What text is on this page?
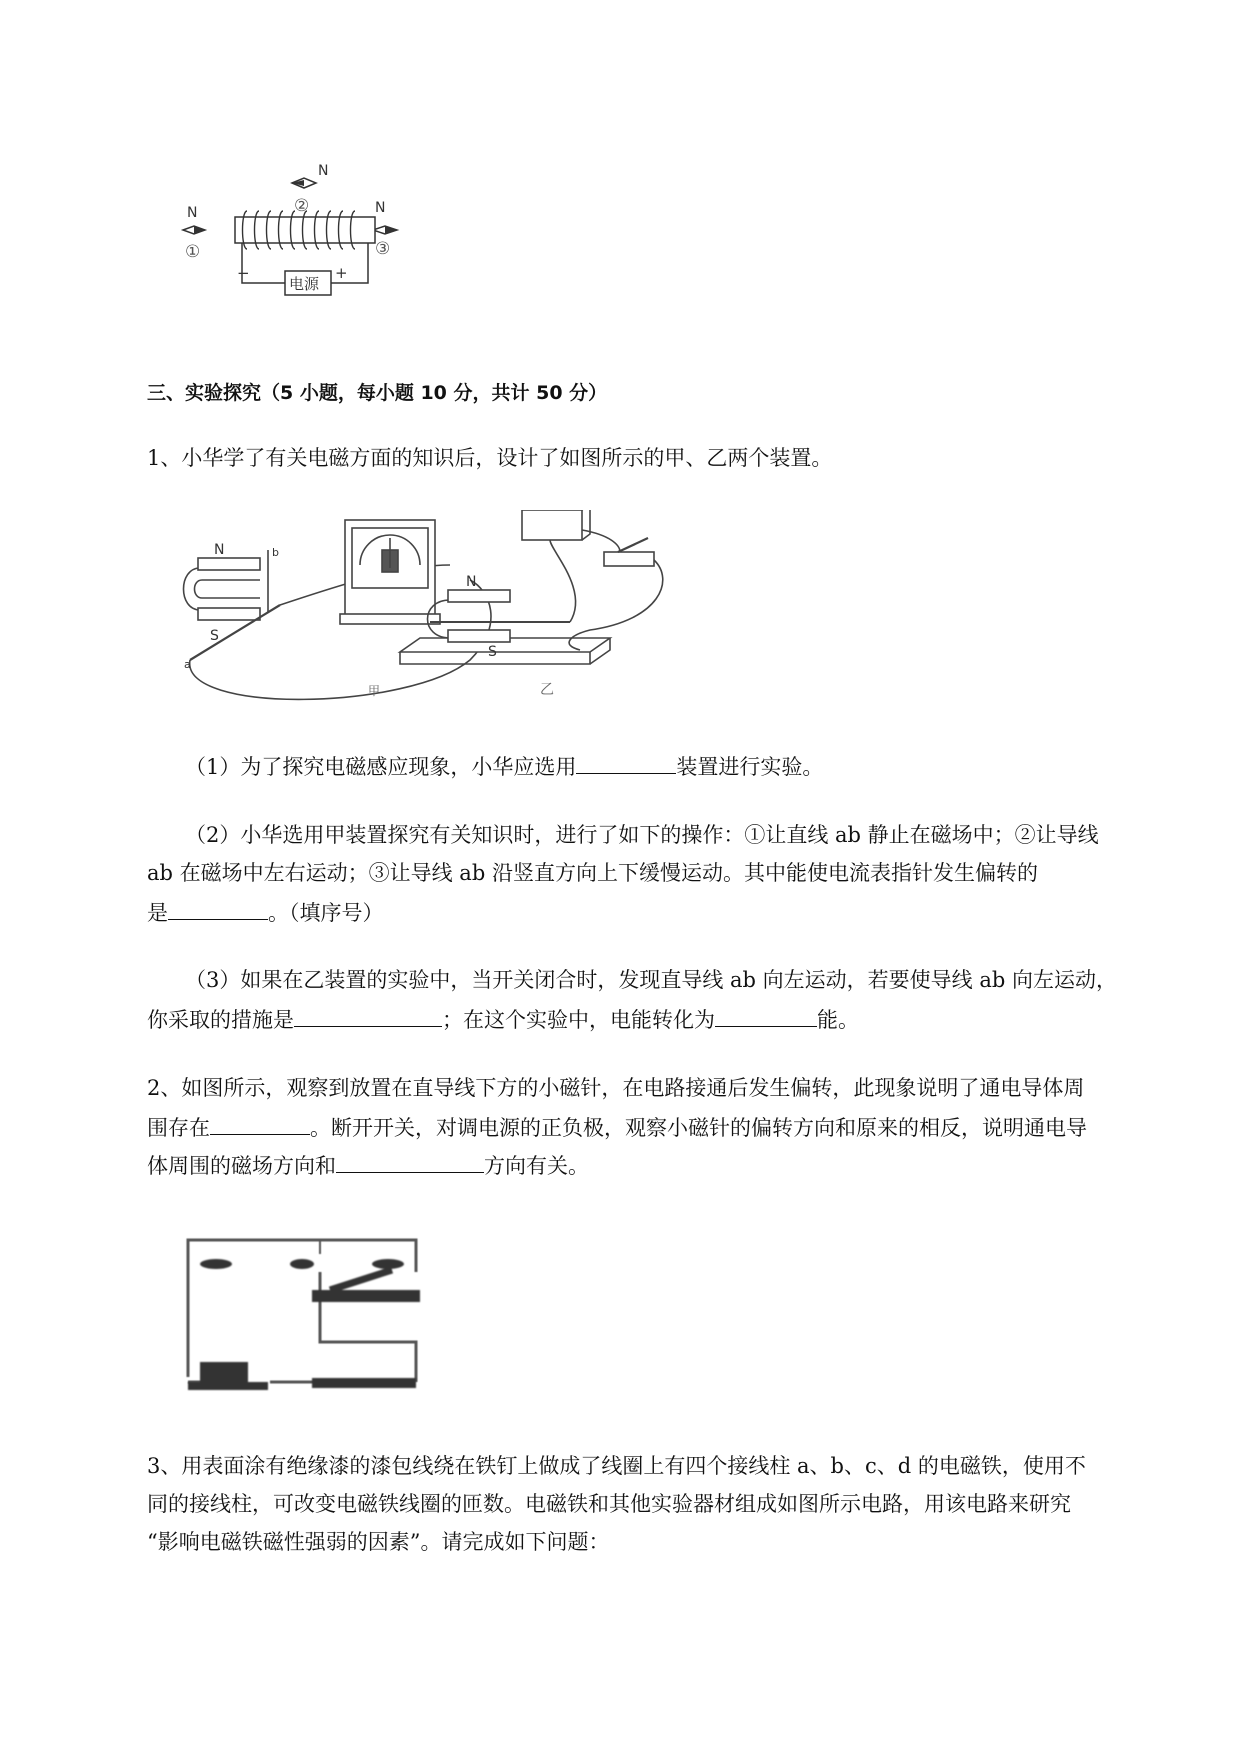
N
②
N
①
N
③
电源
−	+
三、实验探究（5 小题，每小题 10 分，共计 50 分）
1、小华学了有关电磁方面的知识后，设计了如图所示的甲、乙两个装置。
N
S
b
a
N
S
甲	乙
（1）为了探究电磁感应现象，小华应选用	装置进行实验。
（2）小华选用甲装置探究有关知识时，进行了如下的操作：①让直线 ab 静止在磁场中；②让导线
ab 在磁场中左右运动；③让导线 ab 沿竖直方向上下缓慢运动。其中能使电流表指针发生偏转的
是	。（填序号）
（3）如果在乙装置的实验中，当开关闭合时，发现直导线 ab 向左运动，若要使导线 ab 向左运动，
你采取的措施是	；在这个实验中，电能转化为	能。
2、如图所示，观察到放置在直导线下方的小磁针，在电路接通后发生偏转，此现象说明了通电导体周
围存在	。断开开关，对调电源的正负极，观察小磁针的偏转方向和原来的相反，说明通电导
体周围的磁场方向和	方向有关。
3、用表面涂有绝缘漆的漆包线绕在铁钉上做成了线圈上有四个接线柱 a、b、c、d 的电磁铁，使用不
同的接线柱，可改变电磁铁线圈的匝数。电磁铁和其他实验器材组成如图所示电路，用该电路来研究
“影响电磁铁磁性强弱的因素”。请完成如下问题：
